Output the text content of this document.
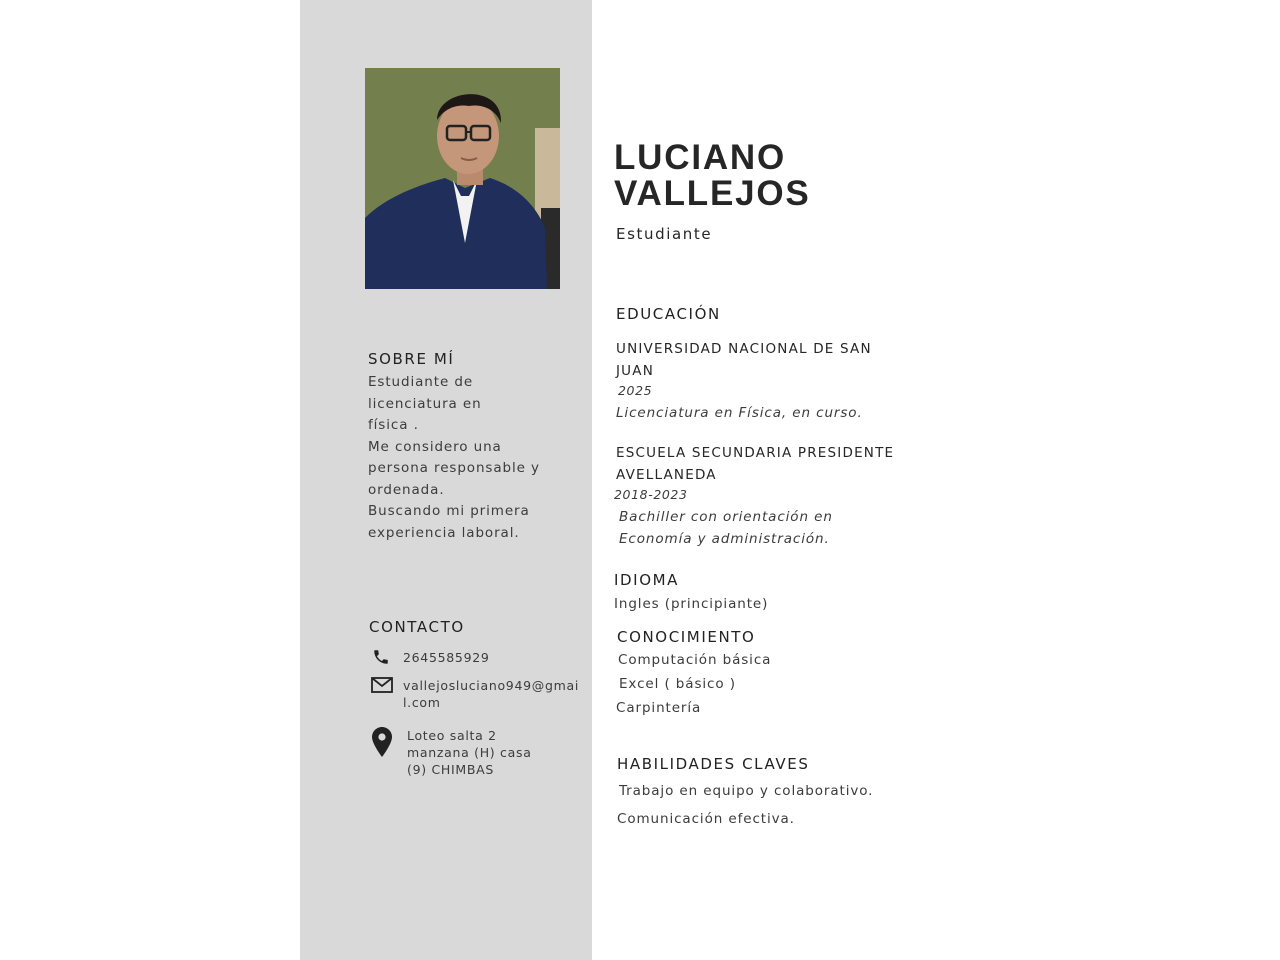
SOBRE MÍ
Estudiante de
licenciatura en
física .
Me considero una
persona responsable y
ordenada.
Buscando mi primera
experiencia laboral.
CONTACTO
2645585929
vallejosluciano949@gmai
l.com
Loteo salta 2
manzana (H) casa
(9) CHIMBAS
LUCIANO
VALLEJOS
Estudiante
EDUCACIÓN
UNIVERSIDAD NACIONAL DE SAN
JUAN
2025
Licenciatura en Física, en curso.
ESCUELA SECUNDARIA PRESIDENTE
AVELLANEDA
2018-2023
Bachiller con orientación en
Economía y administración.
IDIOMA
Ingles (principiante)
CONOCIMIENTO
Computación básica
Excel ( básico )
Carpintería
HABILIDADES CLAVES
Trabajo en equipo y colaborativo.
Comunicación efectiva.
